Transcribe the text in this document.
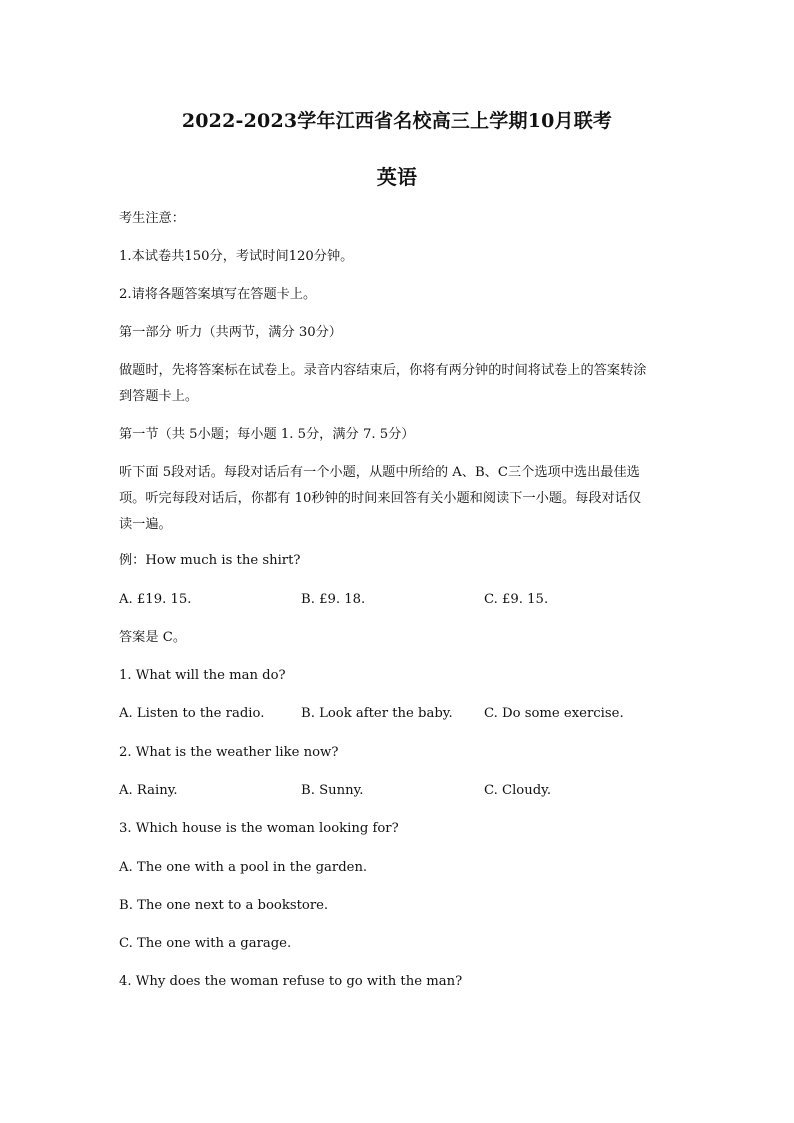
2022-2023学年江西省名校高三上学期10月联考
英语
考生注意：
1.本试卷共150分，考试时间120分钟。
2.请将各题答案填写在答题卡上。
第一部分 听力（共两节，满分 30分）
做题时，先将答案标在试卷上。录音内容结束后，你将有两分钟的时间将试卷上的答案转涂
到答题卡上。
第一节（共 5小题；每小题 1. 5分，满分 7. 5分）
听下面 5段对话。每段对话后有一个小题，从题中所给的 A、B、C三个选项中选出最佳选
项。听完每段对话后，你都有 10秒钟的时间来回答有关小题和阅读下一小题。每段对话仅
读一遍。
例：How much is the shirt?
A. £19. 15.	B. £9. 18.	C. £9. 15.
答案是 C。
1. What will the man do?
A. Listen to the radio.	B. Look after the baby. C. Do some exercise.
2. What is the weather like now?
A. Rainy.	B. Sunny.	C. Cloudy.
3. Which house is the woman looking for?
A. The one with a pool in the garden.
B. The one next to a bookstore.
C. The one with a garage.
4. Why does the woman refuse to go with the man?
